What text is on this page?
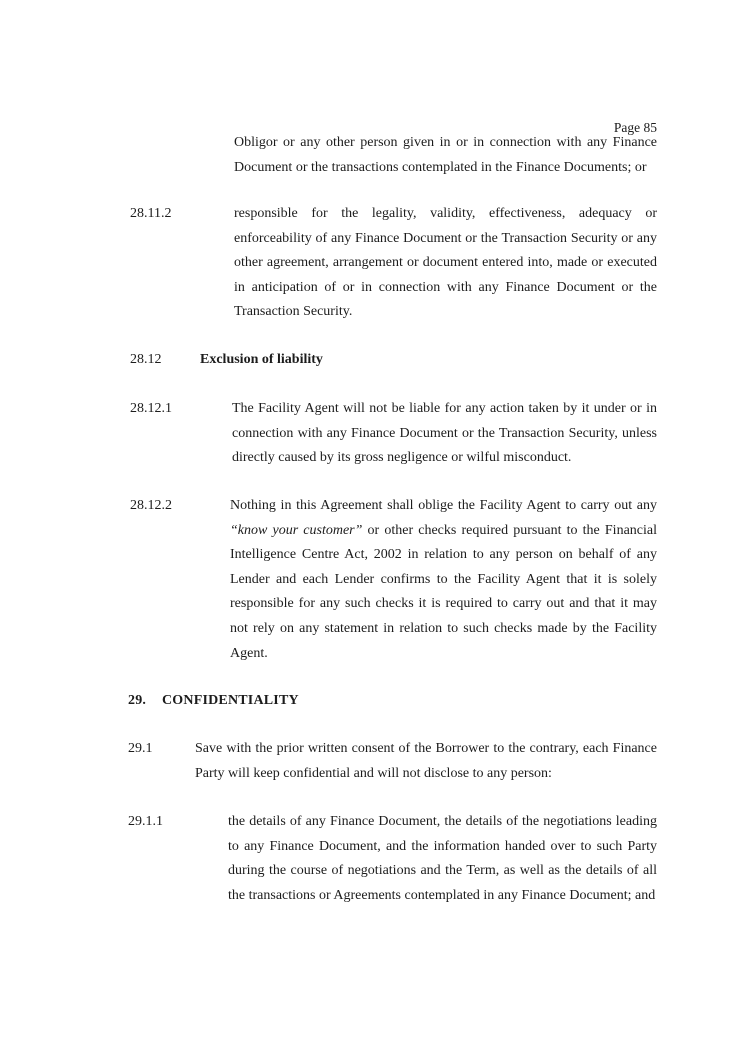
Page 85
Obligor or any other person given in or in connection with any Finance Document or the transactions contemplated in the Finance Documents; or
28.11.2	responsible for the legality, validity, effectiveness, adequacy or enforceability of any Finance Document or the Transaction Security or any other agreement, arrangement or document entered into, made or executed in anticipation of or in connection with any Finance Document or the Transaction Security.
28.12	Exclusion of liability
28.12.1	The Facility Agent will not be liable for any action taken by it under or in connection with any Finance Document or the Transaction Security, unless directly caused by its gross negligence or wilful misconduct.
28.12.2	Nothing in this Agreement shall oblige the Facility Agent to carry out any “know your customer” or other checks required pursuant to the Financial Intelligence Centre Act, 2002 in relation to any person on behalf of any Lender and each Lender confirms to the Facility Agent that it is solely responsible for any such checks it is required to carry out and that it may not rely on any statement in relation to such checks made by the Facility Agent.
29. CONFIDENTIALITY
29.1	Save with the prior written consent of the Borrower to the contrary, each Finance Party will keep confidential and will not disclose to any person:
29.1.1	the details of any Finance Document, the details of the negotiations leading to any Finance Document, and the information handed over to such Party during the course of negotiations and the Term, as well as the details of all the transactions or Agreements contemplated in any Finance Document; and
